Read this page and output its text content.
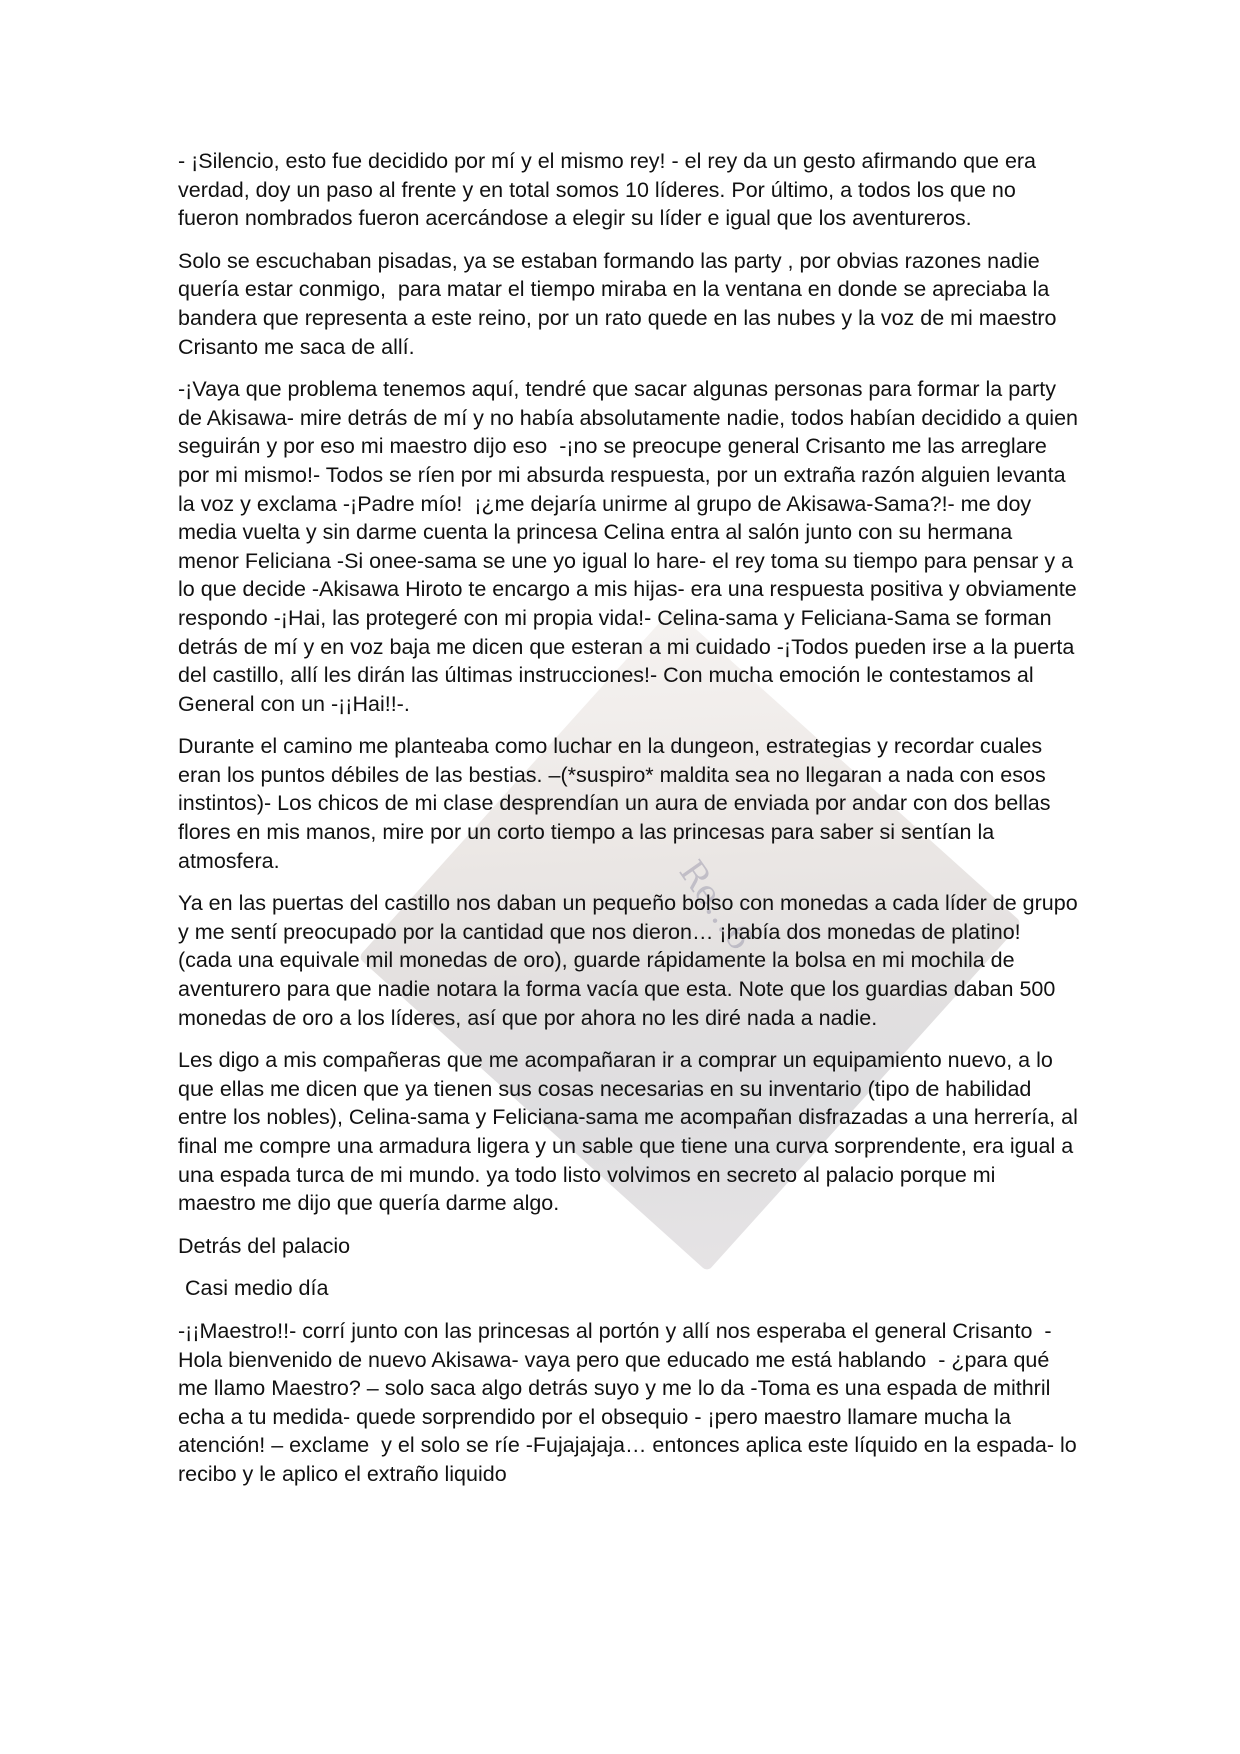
Re...6

- ¡Silencio, esto fue decidido por mí y el mismo rey! - el rey da un gesto afirmando que era verdad, doy un paso al frente y en total somos 10 líderes. Por último, a todos los que no fueron nombrados fueron acercándose a elegir su líder e igual que los aventureros.

Solo se escuchaban pisadas, ya se estaban formando las party , por obvias razones nadie quería estar conmigo,  para matar el tiempo miraba en la ventana en donde se apreciaba la bandera que representa a este reino, por un rato quede en las nubes y la voz de mi maestro Crisanto me saca de allí.

-¡Vaya que problema tenemos aquí, tendré que sacar algunas personas para formar la party de Akisawa- mire detrás de mí y no había absolutamente nadie, todos habían decidido a quien seguirán y por eso mi maestro dijo eso  -¡no se preocupe general Crisanto me las arreglare por mi mismo!- Todos se ríen por mi absurda respuesta, por un extraña razón alguien levanta la voz y exclama -¡Padre mío!  ¡¿me dejaría unirme al grupo de Akisawa-Sama?!- me doy media vuelta y sin darme cuenta la princesa Celina entra al salón junto con su hermana menor Feliciana -Si onee-sama se une yo igual lo hare- el rey toma su tiempo para pensar y a lo que decide -Akisawa Hiroto te encargo a mis hijas- era una respuesta positiva y obviamente respondo -¡Hai, las protegeré con mi propia vida!- Celina-sama y Feliciana-Sama se forman detrás de mí y en voz baja me dicen que esteran a mi cuidado -¡Todos pueden irse a la puerta del castillo, allí les dirán las últimas instrucciones!- Con mucha emoción le contestamos al  General con un -¡¡Hai!!-.

Durante el camino me planteaba como luchar en la dungeon, estrategias y recordar cuales eran los puntos débiles de las bestias. –(*suspiro* maldita sea no llegaran a nada con esos instintos)- Los chicos de mi clase desprendían un aura de enviada por andar con dos bellas flores en mis manos, mire por un corto tiempo a las princesas para saber si sentían la atmosfera.

Ya en las puertas del castillo nos daban un pequeño bolso con monedas a cada líder de grupo y me sentí preocupado por la cantidad que nos dieron… ¡había dos monedas de platino! (cada una equivale mil monedas de oro), guarde rápidamente la bolsa en mi mochila de aventurero para que nadie notara la forma vacía que esta. Note que los guardias daban 500 monedas de oro a los líderes, así que por ahora no les diré nada a nadie.

Les digo a mis compañeras que me acompañaran ir a comprar un equipamiento nuevo, a lo que ellas me dicen que ya tienen sus cosas necesarias en su inventario (tipo de habilidad entre los nobles), Celina-sama y Feliciana-sama me acompañan disfrazadas a una herrería, al final me compre una armadura ligera y un sable que tiene una curva sorprendente, era igual a una espada turca de mi mundo. ya todo listo volvimos en secreto al palacio porque mi maestro me dijo que quería darme algo.

Detrás del palacio

Casi medio día

-¡¡Maestro!!- corrí junto con las princesas al portón y allí nos esperaba el general Crisanto  -Hola bienvenido de nuevo Akisawa- vaya pero que educado me está hablando  - ¿para qué me llamo Maestro? – solo saca algo detrás suyo y me lo da -Toma es una espada de mithril echa a tu medida- quede sorprendido por el obsequio - ¡pero maestro llamare mucha la atención! – exclame  y el solo se ríe -Fujajajaja… entonces aplica este líquido en la espada- lo recibo y le aplico el extraño liquido
